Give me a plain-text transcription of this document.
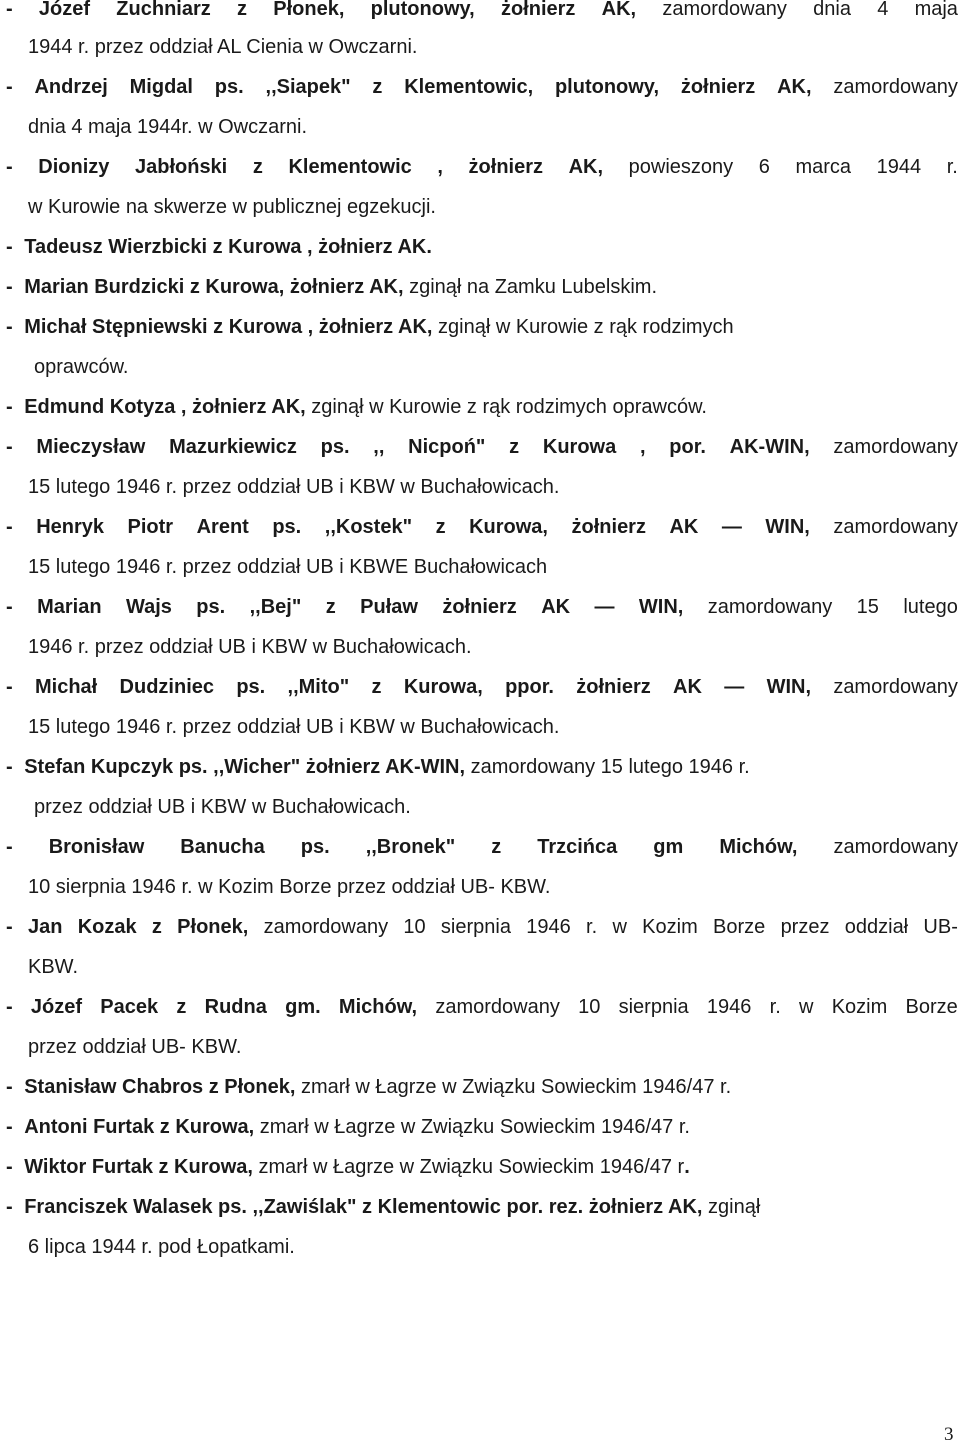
- Józef Zuchniarz z Płonek, plutonowy, żołnierz AK, zamordowany dnia 4 maja
1944 r. przez oddział AL Cienia w Owczarni.
- Andrzej Migdal ps. ,,Siapek" z Klementowic, plutonowy, żołnierz AK, zamordowany
dnia 4 maja 1944r. w Owczarni.
- Dionizy Jabłoński z Klementowic , żołnierz AK, powieszony 6 marca 1944 r.
w Kurowie na skwerze w publicznej egzekucji.
- Tadeusz Wierzbicki z Kurowa , żołnierz AK.
- Marian Burdzicki z Kurowa, żołnierz AK, zginął na Zamku Lubelskim.
- Michał Stępniewski z Kurowa , żołnierz AK, zginął w Kurowie z rąk rodzimych
oprawców.
- Edmund Kotyza , żołnierz AK, zginął w Kurowie z rąk rodzimych oprawców.
- Mieczysław Mazurkiewicz ps. ,, Nicpoń" z Kurowa , por. AK-WIN, zamordowany
15 lutego 1946 r. przez oddział UB i KBW w Buchałowicach.
- Henryk Piotr Arent ps. ,,Kostek" z Kurowa, żołnierz AK — WIN, zamordowany
15 lutego 1946 r. przez oddział UB i KBWE Buchałowicach
- Marian Wajs ps. ,,Bej" z Puław żołnierz AK — WIN, zamordowany 15 lutego
1946 r. przez oddział UB i KBW w Buchałowicach.
- Michał Dudziniec ps. ,,Mito" z Kurowa, ppor. żołnierz AK — WIN, zamordowany
15 lutego 1946 r. przez oddział UB i KBW w Buchałowicach.
- Stefan Kupczyk ps. ,,Wicher" żołnierz AK-WIN, zamordowany 15 lutego 1946 r.
przez oddział UB i KBW w Buchałowicach.
- Bronisław Banucha ps. ,,Bronek" z Trzcińca gm Michów, zamordowany
10 sierpnia 1946 r. w Kozim Borze przez oddział UB- KBW.
- Jan Kozak z Płonek, zamordowany 10 sierpnia 1946 r. w Kozim Borze przez oddział UB-
KBW.
- Józef Pacek z Rudna gm. Michów, zamordowany 10 sierpnia 1946 r. w Kozim Borze
przez oddział UB- KBW.
- Stanisław Chabros z Płonek, zmarł w Łagrze w Związku Sowieckim 1946/47 r.
- Antoni Furtak z Kurowa, zmarł w Łagrze w Związku Sowieckim 1946/47 r.
- Wiktor Furtak z Kurowa, zmarł w Łagrze w Związku Sowieckim 1946/47 r.
- Franciszek Walasek ps. ,,Zawiślak" z Klementowic por. rez. żołnierz AK, zginął
6 lipca 1944 r. pod Łopatkami.
3
